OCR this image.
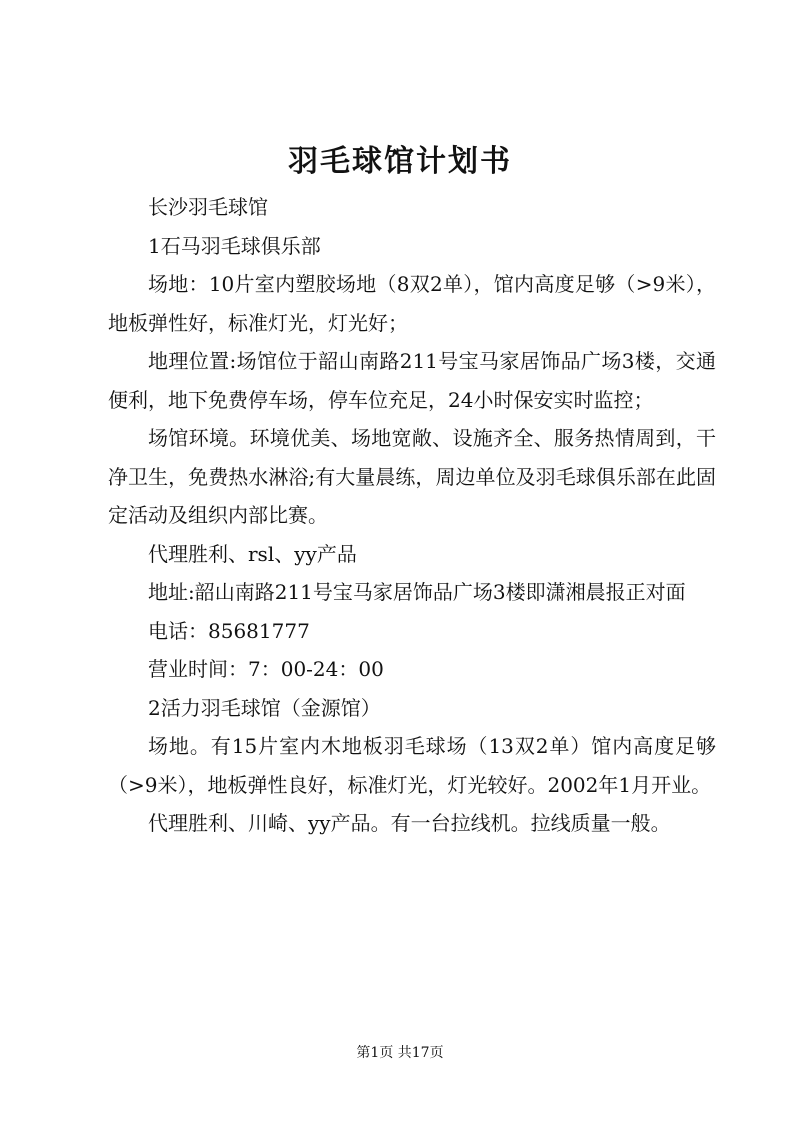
羽毛球馆计划书

长沙羽毛球馆

1石马羽毛球俱乐部

场地：10片室内塑胶场地（8双2单），馆内高度足够（>9米），地板弹性好，标准灯光，灯光好；

地理位置:场馆位于韶山南路211号宝马家居饰品广场3楼，交通便利，地下免费停车场，停车位充足，24小时保安实时监控；

场馆环境。环境优美、场地宽敞、设施齐全、服务热情周到，干净卫生，免费热水淋浴;有大量晨练，周边单位及羽毛球俱乐部在此固定活动及组织内部比赛。

代理胜利、rsl、yy产品

地址:韶山南路211号宝马家居饰品广场3楼即潇湘晨报正对面

电话：85681777

营业时间：7：00-24：00

2活力羽毛球馆（金源馆）

场地。有15片室内木地板羽毛球场（13双2单）馆内高度足够（>9米），地板弹性良好，标准灯光，灯光较好。2002年1月开业。

代理胜利、川崎、yy产品。有一台拉线机。拉线质量一般。

第1页 共17页
